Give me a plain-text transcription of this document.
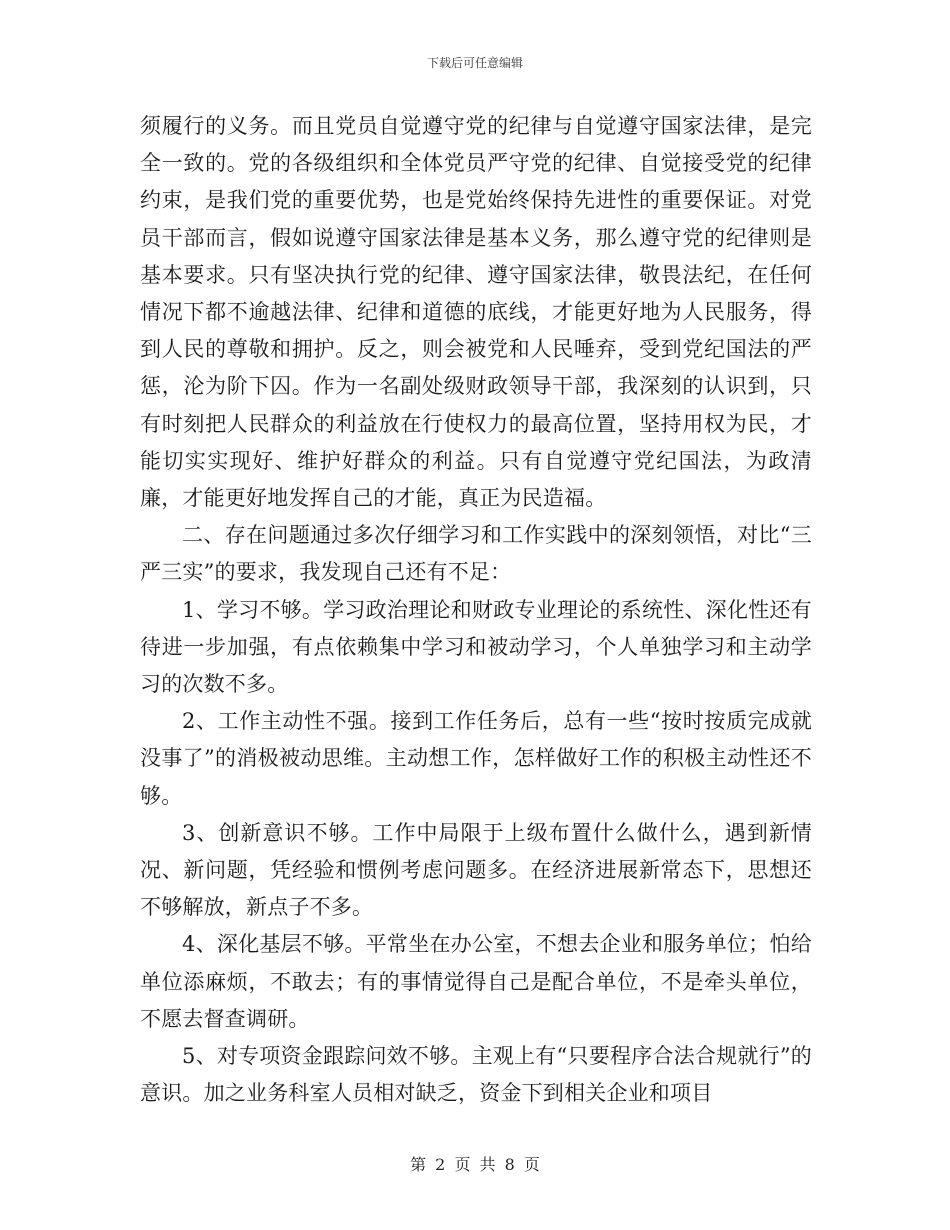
下载后可任意编辑

须履行的义务。而且党员自觉遵守党的纪律与自觉遵守国家法律，是完全一致的。党的各级组织和全体党员严守党的纪律、自觉接受党的纪律约束，是我们党的重要优势，也是党始终保持先进性的重要保证。对党员干部而言，假如说遵守国家法律是基本义务，那么遵守党的纪律则是基本要求。只有坚决执行党的纪律、遵守国家法律，敬畏法纪，在任何情况下都不逾越法律、纪律和道德的底线，才能更好地为人民服务，得到人民的尊敬和拥护。反之，则会被党和人民唾弃，受到党纪国法的严惩，沦为阶下囚。作为一名副处级财政领导干部，我深刻的认识到，只有时刻把人民群众的利益放在行使权力的最高位置，坚持用权为民，才能切实实现好、维护好群众的利益。只有自觉遵守党纪国法，为政清廉，才能更好地发挥自己的才能，真正为民造福。

二、存在问题通过多次仔细学习和工作实践中的深刻领悟，对比“三严三实”的要求，我发现自己还有不足：

1、学习不够。学习政治理论和财政专业理论的系统性、深化性还有待进一步加强，有点依赖集中学习和被动学习，个人单独学习和主动学习的次数不多。

2、工作主动性不强。接到工作任务后，总有一些“按时按质完成就没事了”的消极被动思维。主动想工作，怎样做好工作的积极主动性还不够。

3、创新意识不够。工作中局限于上级布置什么做什么，遇到新情况、新问题，凭经验和惯例考虑问题多。在经济进展新常态下，思想还不够解放，新点子不多。

4、深化基层不够。平常坐在办公室，不想去企业和服务单位；怕给单位添麻烦，不敢去；有的事情觉得自己是配合单位，不是牵头单位，不愿去督查调研。

5、对专项资金跟踪问效不够。主观上有“只要程序合法合规就行”的意识。加之业务科室人员相对缺乏，资金下到相关企业和项目

第 2 页 共 8 页
